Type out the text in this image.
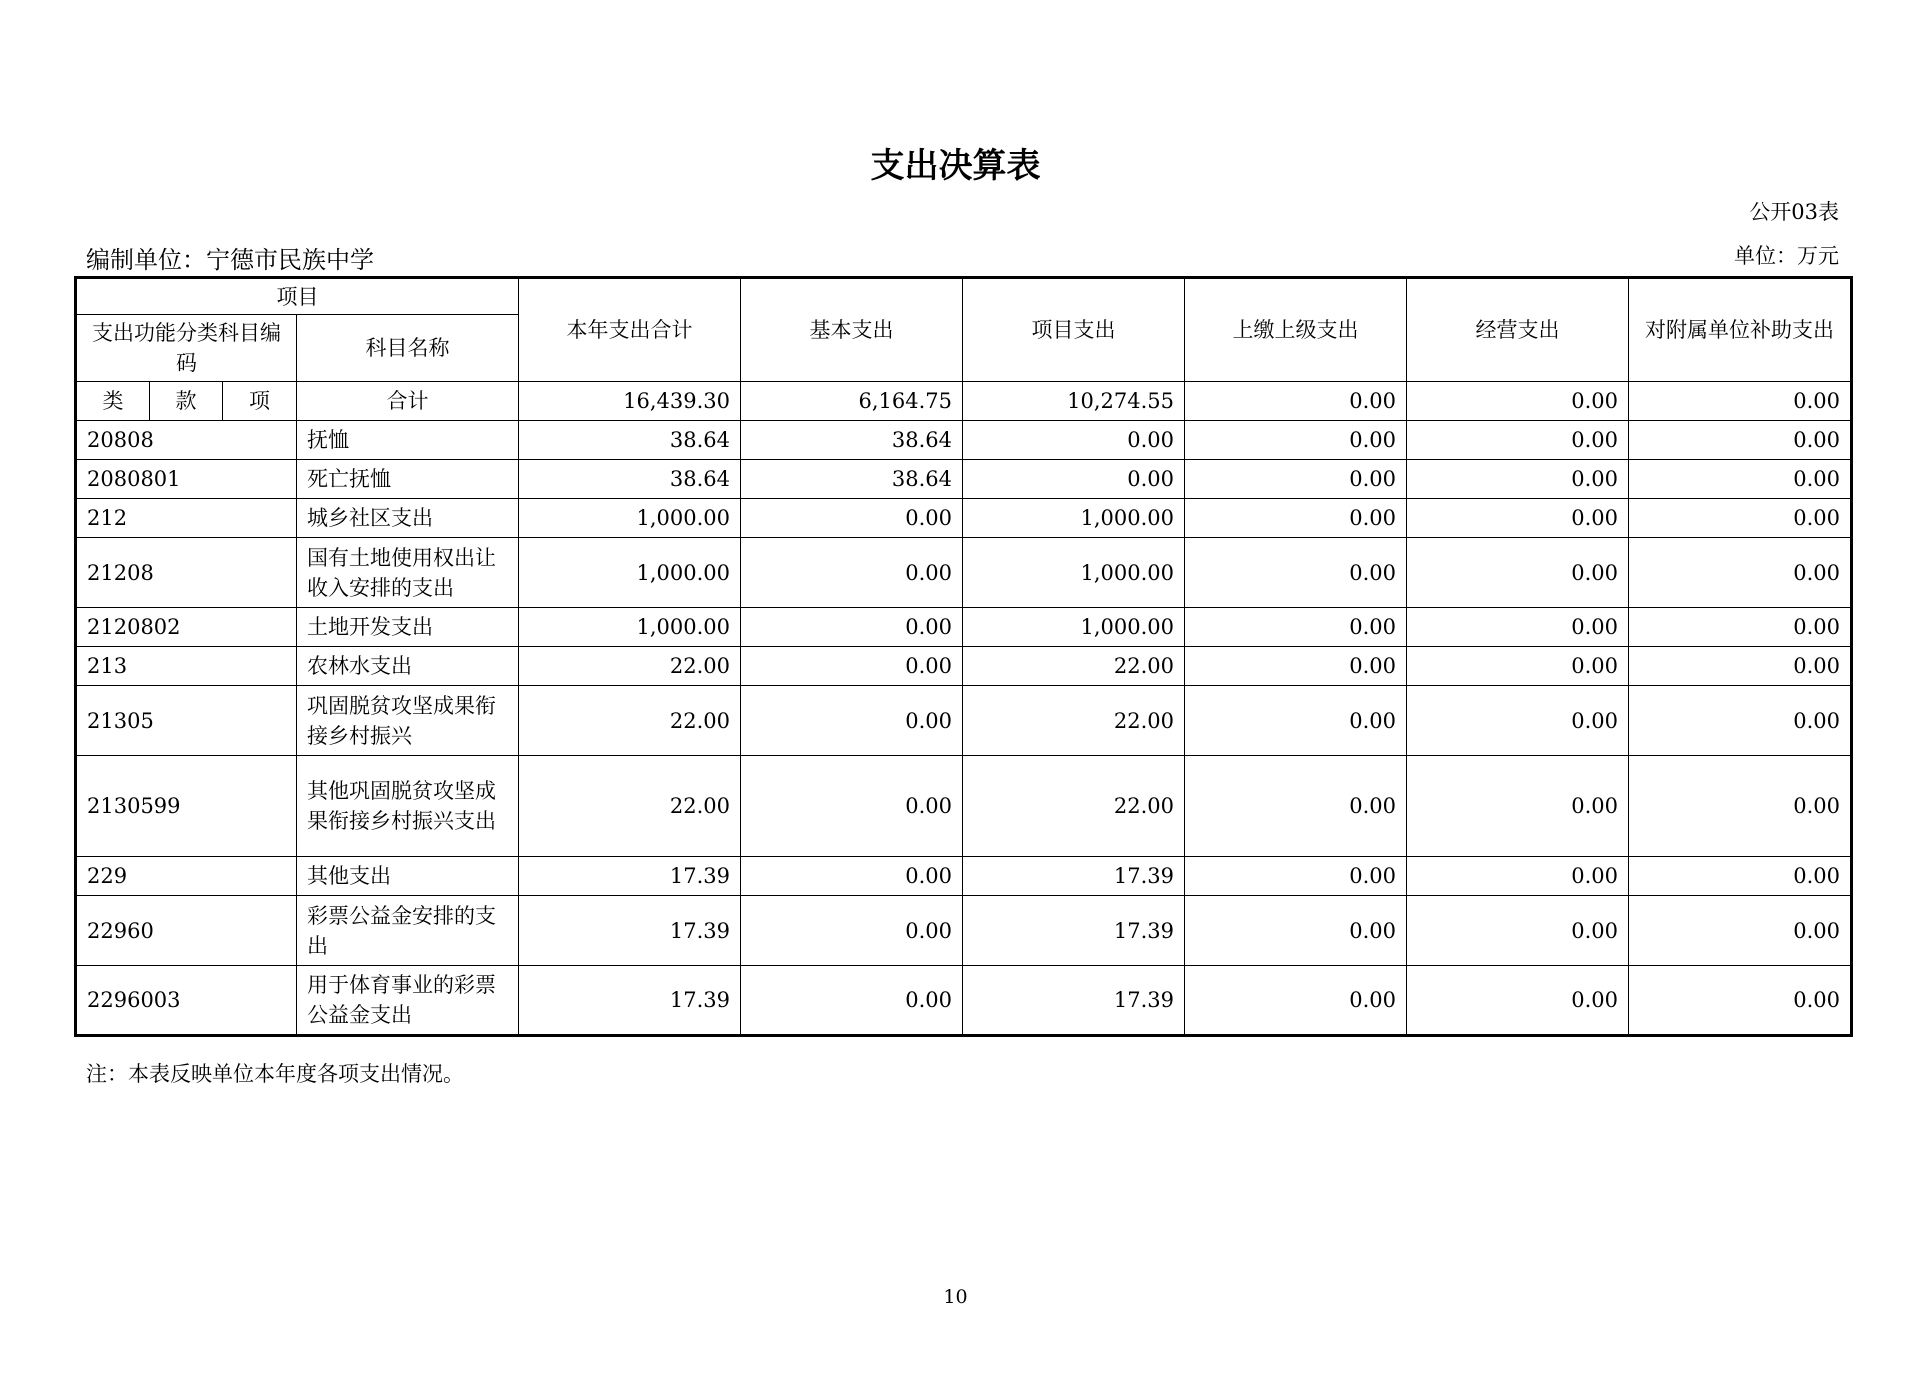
支出决算表
公开03表
编制单位：宁德市民族中学	单位：万元
项目				本年支出合计	基本支出	项目支出	上缴上级支出	经营支出	对附属单位补助支出
支出功能分类科目编码			科目名称						
类	款	项	合计	16,439.30	6,164.75	10,274.55	0.00	0.00	0.00
20808			抚恤	38.64	38.64	0.00	0.00	0.00	0.00
2080801			死亡抚恤	38.64	38.64	0.00	0.00	0.00	0.00
212			城乡社区支出	1,000.00	0.00	1,000.00	0.00	0.00	0.00
21208			国有土地使用权出让收入安排的支出	1,000.00	0.00	1,000.00	0.00	0.00	0.00
2120802			土地开发支出	1,000.00	0.00	1,000.00	0.00	0.00	0.00
213			农林水支出	22.00	0.00	22.00	0.00	0.00	0.00
21305			巩固脱贫攻坚成果衔接乡村振兴	22.00	0.00	22.00	0.00	0.00	0.00
2130599			其他巩固脱贫攻坚成果衔接乡村振兴支出	22.00	0.00	22.00	0.00	0.00	0.00
229			其他支出	17.39	0.00	17.39	0.00	0.00	0.00
22960			彩票公益金安排的支出	17.39	0.00	17.39	0.00	0.00	0.00
2296003			用于体育事业的彩票公益金支出	17.39	0.00	17.39	0.00	0.00	0.00
注：本表反映单位本年度各项支出情况。
10
